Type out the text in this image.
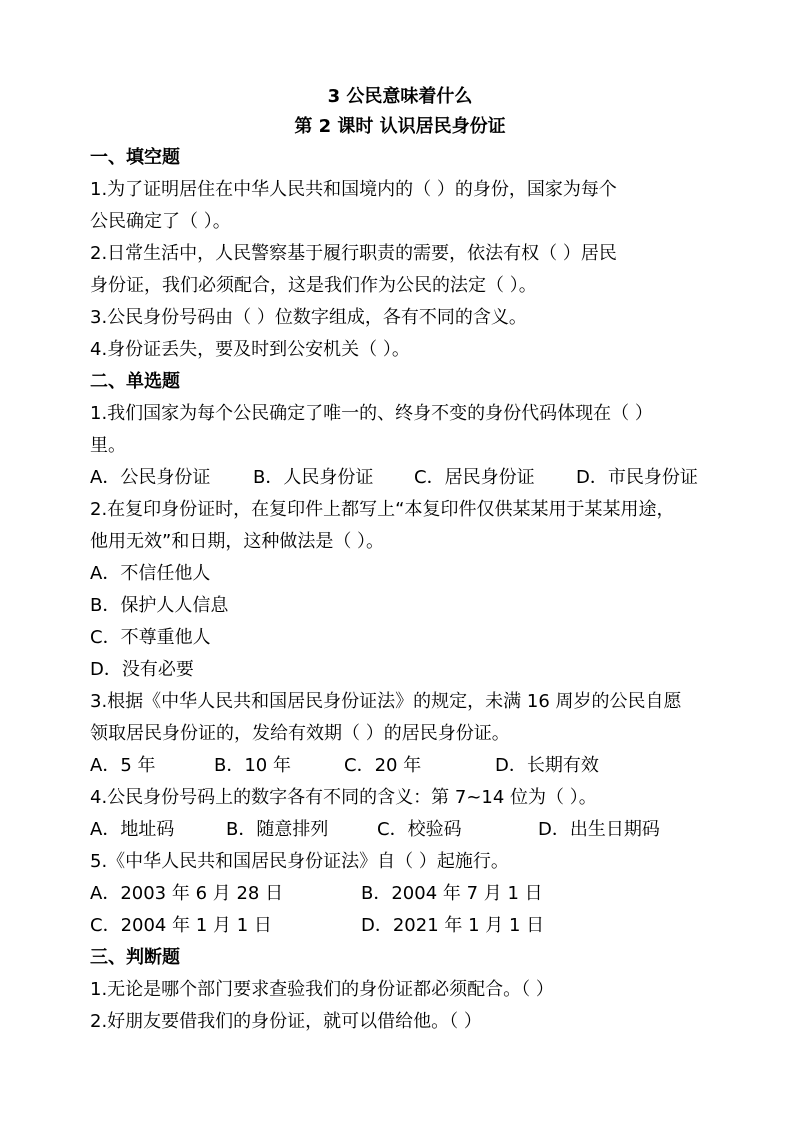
3 公民意味着什么
第 2 课时 认识居民身份证
一、填空题
1.为了证明居住在中华人民共和国境内的（ ）的身份，国家为每个
公民确定了（ ）。
2.日常生活中，人民警察基于履行职责的需要，依法有权（ ）居民
身份证，我们必须配合，这是我们作为公民的法定（ ）。
3.公民身份号码由（ ）位数字组成，各有不同的含义。
4.身份证丢失，要及时到公安机关（ ）。
二、单选题
1.我们国家为每个公民确定了唯一的、终身不变的身份代码体现在（ ）
里。
A．公民身份证 B．人民身份证 C．居民身份证 D．市民身份证
2.在复印身份证时，在复印件上都写上“本复印件仅供某某用于某某用途，
他用无效”和日期，这种做法是（ ）。
A．不信任他人
B．保护人人信息
C．不尊重他人
D．没有必要
3.根据《中华人民共和国居民身份证法》的规定，未满 16 周岁的公民自愿
领取居民身份证的，发给有效期（ ）的居民身份证。
A．5 年	B．10 年	C．20 年	D．长期有效
4.公民身份号码上的数字各有不同的含义：第 7~14 位为（ ）。
A．地址码	B．随意排列	C．校验码	D．出生日期码
5.《中华人民共和国居民身份证法》自（ ）起施行。
A．2003 年 6 月 28 日	B．2004 年 7 月 1 日
C．2004 年 1 月 1 日	D．2021 年 1 月 1 日
三、判断题
1.无论是哪个部门要求查验我们的身份证都必须配合。（ ）
2.好朋友要借我们的身份证，就可以借给他。（ ）
